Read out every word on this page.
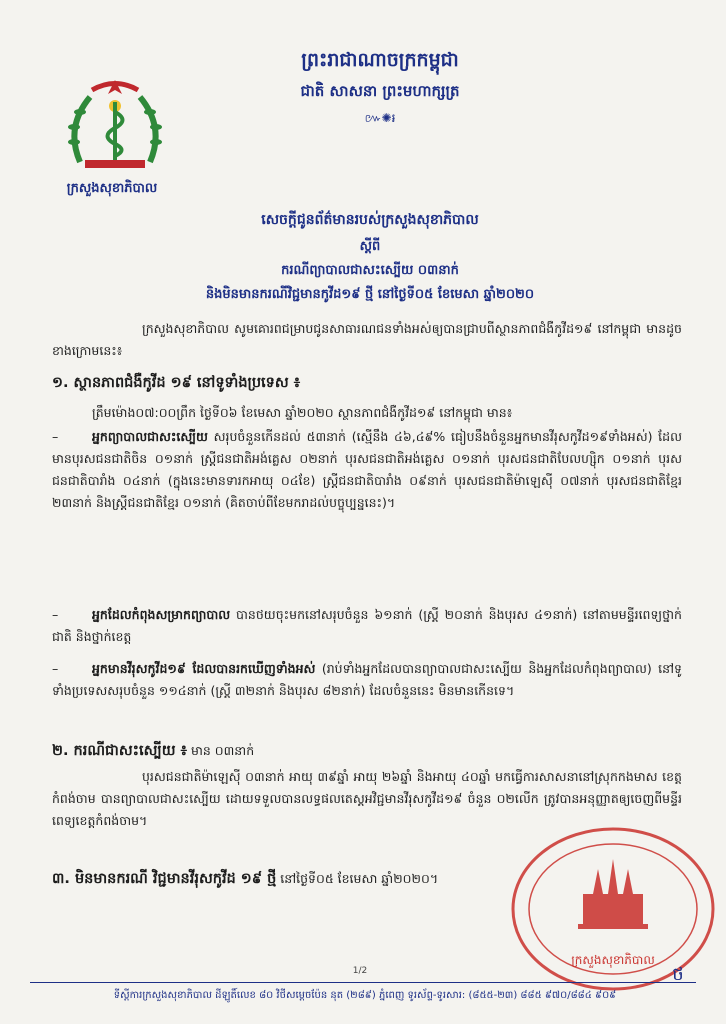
ព្រះរាជាណាចក្រកម្ពុជា
ជាតិ សាសនា ព្រះមហាក្សត្រ
៚✺៛
ក្រសួងសុខាភិបាល
សេចក្តីជូនព័ត៌មានរបស់ក្រសួងសុខាភិបាល
ស្តីពី
ករណីព្យាបាលជាសះស្បើយ ០៣នាក់
និងមិនមានករណីវិជ្ជមានកូវីដ១៩ ថ្មី នៅថ្ងៃទី០៥ ខែមេសា ឆ្នាំ២០២០
ក្រសួងសុខាភិបាល សូមគោរពជម្រាបជូនសាធារណជនទាំងអស់ឲ្យបានជ្រាបពីស្ថានភាពជំងឺកូវីដ១៩ នៅកម្ពុជា មានដូចខាងក្រោមនេះ៖
១. ស្ថានភាពជំងឺកូវីដ ១៩ នៅទូទាំងប្រទេស ៖
ត្រឹមម៉ោង០៧:០០ព្រឹក ថ្ងៃទី០៦ ខែមេសា ឆ្នាំ២០២០ ស្ថានភាពជំងឺកូវីដ១៩ នៅកម្ពុជា មាន៖
–	អ្នកព្យាបាលជាសះស្បើយ សរុបចំនួនកើនដល់ ៥៣នាក់ (ស្មើនឹង ៤៦,៤៩% ធៀបនឹងចំនួនអ្នកមានវីរុសកូវីដ១៩ទាំងអស់) ដែលមានបុរសជនជាតិចិន ០១នាក់ ស្ត្រីជនជាតិអង់គ្លេស ០២នាក់ បុរសជនជាតិអង់គ្លេស ០១នាក់ បុរសជនជាតិបែលហ្ស៊ិក ០១នាក់ បុរសជនជាតិបារាំង ០៤នាក់ (ក្នុងនេះមានទារកអាយុ ០៤ខែ) ស្ត្រីជនជាតិបារាំង ០៩នាក់ បុរសជនជាតិម៉ាឡេស៊ី ០៧នាក់ បុរសជនជាតិខ្មែរ ២៣នាក់ និងស្ត្រីជនជាតិខ្មែរ ០១នាក់ (គិតចាប់ពីខែមករាដល់បច្ចុប្បន្ននេះ)។
–	អ្នកដែលកំពុងសម្រាកព្យាបាល បានថយចុះមកនៅសរុបចំនួន ៦១នាក់ (ស្ត្រី ២០នាក់ និងបុរស ៤១នាក់) នៅតាមមន្ទីរពេទ្យថ្នាក់ជាតិ និងថ្នាក់ខេត្ត
–	អ្នកមានវីរុសកូវីដ១៩ ដែលបានរកឃើញទាំងអស់ (រាប់ទាំងអ្នកដែលបានព្យាបាលជាសះស្បើយ និងអ្នកដែលកំពុងព្យាបាល) នៅទូទាំងប្រទេសសរុបចំនួន ១១៤នាក់ (ស្ត្រី ៣២នាក់ និងបុរស ៨២នាក់) ដែលចំនួននេះ មិនមានកើនទេ។
២. ករណីជាសះស្បើយ ៖ មាន ០៣នាក់
បុរសជនជាតិម៉ាឡេស៊ី ០៣នាក់ អាយុ ៣៩ឆ្នាំ អាយុ ២៦ឆ្នាំ និងអាយុ ៤០ឆ្នាំ មកធ្វើការសាសនានៅស្រុកកងមាស ខេត្តកំពង់ចាម បានព្យាបាលជាសះស្បើយ ដោយទទួលបានលទ្ធផលតេស្តអវិជ្ជមានវីរុសកូវីដ១៩ ចំនួន ០២លើក ត្រូវបានអនុញ្ញាតឲ្យចេញពីមន្ទីរពេទ្យខេត្តកំពង់ចាម។
៣. មិនមានករណី វិជ្ជមានវីរុសកូវីដ ១៩ ថ្មី នៅថ្ងៃទី០៥ ខែមេសា ឆ្នាំ២០២០។
ក្រសួងសុខាភិបាល
1/2
ទីស្តីការក្រសួងសុខាភិបាល ដីឡូតិ៍លេខ ៨០ វិថីសម្ដេចប៉ែន នុត (២៨៩) ភ្នំពេញ ទូរស័ព្ទ-ទូរសារ: (៨៥៥-២៣) ៨៨៥ ៩៧០/៨៨៤ ៩០៩
ថ
